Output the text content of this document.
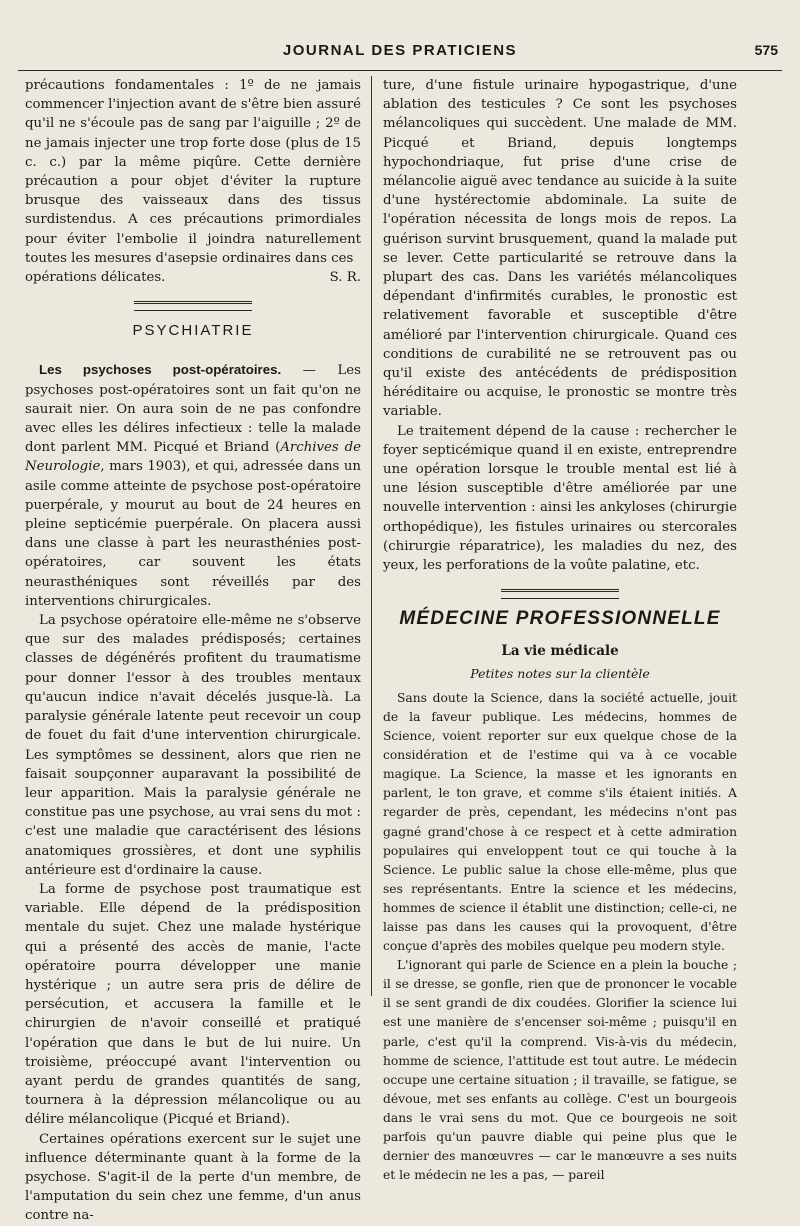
JOURNAL DES PRATICIENS	575

précautions fondamentales : 1º de ne jamais commencer l'injection avant de s'être bien assuré qu'il ne s'écoule pas de sang par l'aiguille ; 2º de ne jamais injecter une trop forte dose (plus de 15 c. c.) par la même piqûre. Cette dernière précaution a pour objet d'éviter la rupture brusque des vaisseaux dans des tissus surdistendus. A ces précautions primordiales pour éviter l'embolie il joindra naturellement toutes les mesures d'asepsie ordinaires dans ces

opérations délicates.	S. R.
PSYCHIATRIE

Les psychoses post-opératoires. — Les psychoses post-opératoires sont un fait qu'on ne saurait nier. On aura soin de ne pas confondre avec elles les délires infectieux : telle la malade dont parlent MM. Picqué et Briand (Archives de Neurologie, mars 1903), et qui, adressée dans un asile comme atteinte de psychose post-opératoire puerpérale, y mourut au bout de 24 heures en pleine septicémie puerpérale. On placera aussi dans une classe à part les neurasthénies post-opératoires, car souvent les états neurasthéniques sont réveillés par des interventions chirurgicales.

La psychose opératoire elle-même ne s'observe que sur des malades prédisposés; certaines classes de dégénérés profitent du traumatisme pour donner l'essor à des troubles mentaux qu'aucun indice n'avait décelés jusque-là. La paralysie générale latente peut recevoir un coup de fouet du fait d'une intervention chirurgicale. Les symptômes se dessinent, alors que rien ne faisait soupçonner auparavant la possibilité de leur apparition. Mais la paralysie générale ne constitue pas une psychose, au vrai sens du mot : c'est une maladie que caractérisent des lésions anatomiques grossières, et dont une syphilis antérieure est d'ordinaire la cause.

La forme de psychose post traumatique est variable. Elle dépend de la prédisposition mentale du sujet. Chez une malade hystérique qui a présenté des accès de manie, l'acte opératoire pourra développer une manie hystérique ; un autre sera pris de délire de persécution, et accusera la famille et le chirurgien de n'avoir conseillé et pratiqué l'opération que dans le but de lui nuire. Un troisième, préoccupé avant l'intervention ou ayant perdu de grandes quantités de sang, tournera à la dépression mélancolique ou au délire mélancolique (Picqué et Briand).

Certaines opérations exercent sur le sujet une influence déterminante quant à la forme de la psychose. S'agit-il de la perte d'un membre, de l'amputation du sein chez une femme, d'un anus contre na-

ture, d'une fistule urinaire hypogastrique, d'une ablation des testicules ? Ce sont les psychoses mélancoliques qui succèdent. Une malade de MM. Picqué et Briand, depuis longtemps hypochondriaque, fut prise d'une crise de mélancolie aiguë avec tendance au suicide à la suite d'une hystérectomie abdominale. La suite de l'opération nécessita de longs mois de repos. La guérison survint brusquement, quand la malade put se lever. Cette particularité se retrouve dans la plupart des cas. Dans les variétés mélancoliques dépendant d'infirmités curables, le pronostic est relativement favorable et susceptible d'être amélioré par l'intervention chirurgicale. Quand ces conditions de curabilité ne se retrouvent pas ou qu'il existe des antécédents de prédisposition héréditaire ou acquise, le pronostic se montre très variable.

Le traitement dépend de la cause : rechercher le foyer septicémique quand il en existe, entreprendre une opération lorsque le trouble mental est lié à une lésion susceptible d'être améliorée par une nouvelle intervention : ainsi les ankyloses (chirurgie orthopédique), les fistules urinaires ou stercorales (chirurgie réparatrice), les maladies du nez, des yeux, les perforations de la voûte palatine, etc.

MÉDECINE PROFESSIONNELLE
La vie médicale
Petites notes sur la clientèle

Sans doute la Science, dans la société actuelle, jouit de la faveur publique. Les médecins, hommes de Science, voient reporter sur eux quelque chose de la considération et de l'estime qui va à ce vocable magique. La Science, la masse et les ignorants en parlent, le ton grave, et comme s'ils étaient initiés. A regarder de près, cependant, les médecins n'ont pas gagné grand'chose à ce respect et à cette admiration populaires qui enveloppent tout ce qui touche à la Science. Le public salue la chose elle-même, plus que ses représentants. Entre la science et les médecins, hommes de science il établit une distinction; celle-ci, ne laisse pas dans les causes qui la provoquent, d'être conçue d'après des mobiles quelque peu modern style.

L'ignorant qui parle de Science en a plein la bouche ; il se dresse, se gonfle, rien que de prononcer le vocable il se sent grandi de dix coudées. Glorifier la science lui est une manière de s'encenser soi-même ; puisqu'il en parle, c'est qu'il la comprend. Vis-à-vis du médecin, homme de science, l'attitude est tout autre. Le médecin occupe une certaine situation ; il travaille, se fatigue, se dévoue, met ses enfants au collège. C'est un bourgeois dans le vrai sens du mot. Que ce bourgeois ne soit parfois qu'un pauvre diable qui peine plus que le dernier des manœuvres — car le manœuvre a ses nuits et le médecin ne les a pas, — pareil
